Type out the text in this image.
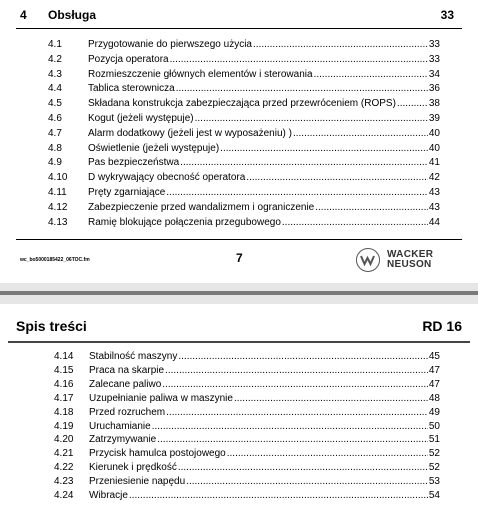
4 Obsługa	33
4.1	Przygotowanie do pierwszego użycia .....	33
4.2	Pozycja operatora .....	33
4.3	Rozmieszczenie głównych elementów i sterowania .....	34
4.4	Tablica sterownicza .....	36
4.5	Składana konstrukcja zabezpieczająca przed przewróceniem (ROPS) .....	38
4.6	Kogut (jeżeli występuje) .....	39
4.7	Alarm dodatkowy (jeżeli jest w wyposażeniu) ) .....	40
4.8	Oświetlenie (jeżeli występuje) .....	40
4.9	Pas bezpieczeństwa .....	41
4.10	D wykrywający obecność operatora .....	42
4.11	Pręty zgarniające .....	43
4.12	Zabezpieczenie przed wandalizmem i ograniczenie .....	43
4.13	Ramię blokujące połączenia przegubowego .....	44
wc_bo5000185422_06TOC.fm	7	WACKER
NEUSON
Spis treści	RD 16
4.14	Stabilność maszyny .....	45
4.15	Praca na skarpie .....	47
4.16	Zalecane paliwo .....	47
4.17	Uzupełnianie paliwa w maszynie .....	48
4.18	Przed rozruchem .....	49
4.19	Uruchamianie .....	50
4.20	Zatrzymywanie .....	51
4.21	Przycisk hamulca postojowego .....	52
4.22	Kierunek i prędkość .....	52
4.23	Przeniesienie napędu .....	53
4.24	Wibracje .....	54
